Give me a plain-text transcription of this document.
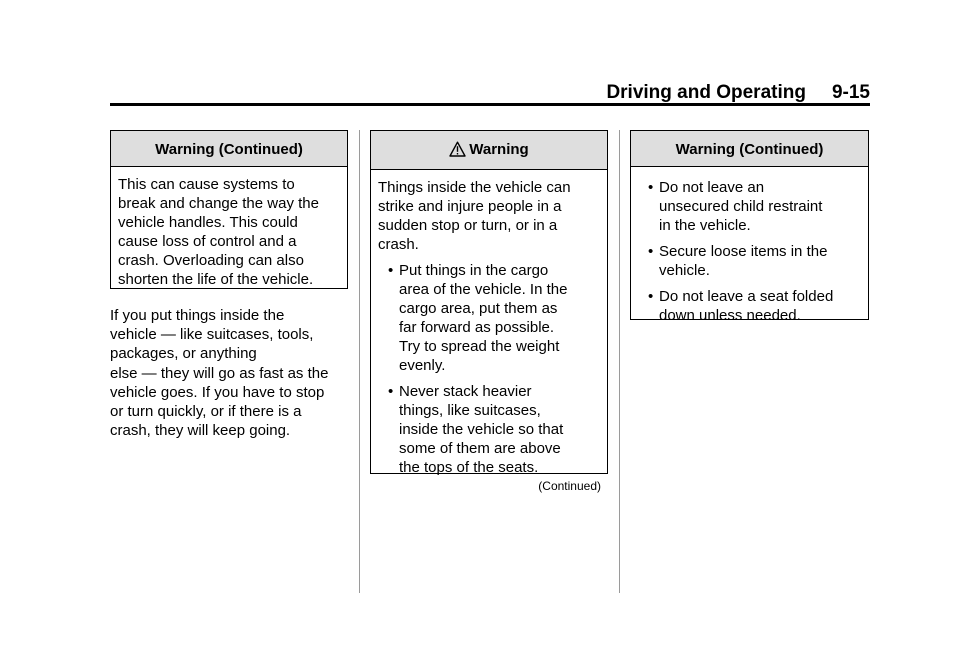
Driving and Operating 9-15
Warning (Continued)

This can cause systems to

break and change the way the

vehicle handles. This could

cause loss of control and a

crash. Overloading can also

shorten the life of the vehicle.

If you put things inside the

vehicle — like suitcases, tools,

packages, or anything

else — they will go as fast as the

vehicle goes. If you have to stop

or turn quickly, or if there is a

crash, they will keep going.

Warning

Things inside the vehicle can

strike and injure people in a

sudden stop or turn, or in a

crash.

• Put things in the cargo
area of the vehicle. In the
cargo area, put them as
far forward as possible.
Try to spread the weight
evenly.
• Never stack heavier
things, like suitcases,
inside the vehicle so that
some of them are above
the tops of the seats.
(Continued)
Warning (Continued)
• Do not leave an
unsecured child restraint
in the vehicle.
• Secure loose items in the
vehicle.
• Do not leave a seat folded
down unless needed.
